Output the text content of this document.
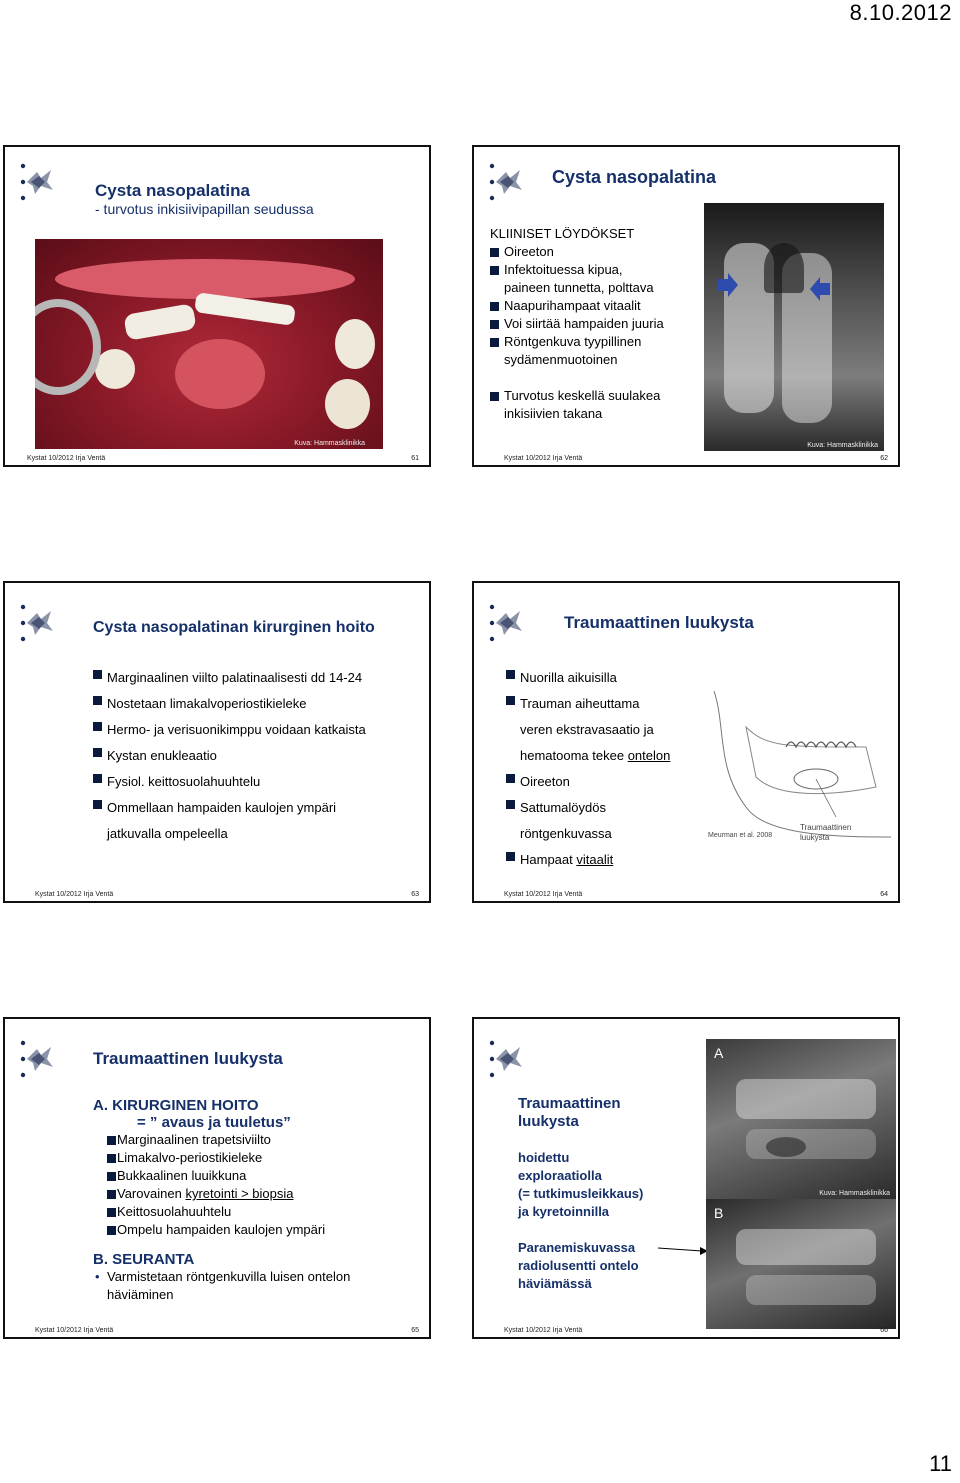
8.10.2012
Cysta nasopalatina
- turvotus inkisiivipapillan seudussa
Kuva: Hammasklinikka
Kystat 10/2012 Irja Ventä	61
Cysta nasopalatina
KLIINISET LÖYDÖKSET
Oireeton
Infektoituessa kipua,
paineen tunnetta, polttava
Naapurihampaat vitaalit
Voi siirtää hampaiden juuria
Röntgenkuva tyypillinen
sydämenmuotoinen
Turvotus keskellä suulakea
inkisiivien takana
Kuva: Hammasklinikka
Kystat 10/2012 Irja Ventä	62
Cysta nasopalatinan kirurginen hoito
Marginaalinen viilto palatinaalisesti dd 14-24
Nostetaan limakalvoperiostikieleke
Hermo- ja verisuonikimppu voidaan katkaista
Kystan enukleaatio
Fysiol. keittosuolahuuhtelu
Ommellaan hampaiden kaulojen ympäri
jatkuvalla ompeleella
Kystat 10/2012 Irja Ventä	63
Traumaattinen luukysta
Nuorilla aikuisilla
Trauman aiheuttama
veren ekstravasaatio ja
hematooma tekee ontelon
Oireeton
Sattumalöydös
röntgenkuvassa
Hampaat vitaalit
Meurman et al. 2008
Traumaattinen
luukysta
Kystat 10/2012 Irja Ventä	64
Traumaattinen luukysta
A. KIRURGINEN HOITO
= ” avaus ja tuuletus”
Marginaalinen trapetsiviilto
Limakalvo-periostikieleke
Bukkaalinen luuikkuna
Varovainen kyretointi > biopsia
Keittosuolahuuhtelu
Ompelu hampaiden kaulojen ympäri
B. SEURANTA
• Varmistetaan röntgenkuvilla luisen ontelon
häviäminen
Kystat 10/2012 Irja Ventä	65
Traumaattinen
luukysta
hoidettu
exploraatiolla
(= tutkimusleikkaus)
ja kyretoinnilla
Paranemiskuvassa
radiolusentti ontelo
häviämässä
A
Kuva: Hammasklinikka
B
Kystat 10/2012 Irja Ventä	66
11
